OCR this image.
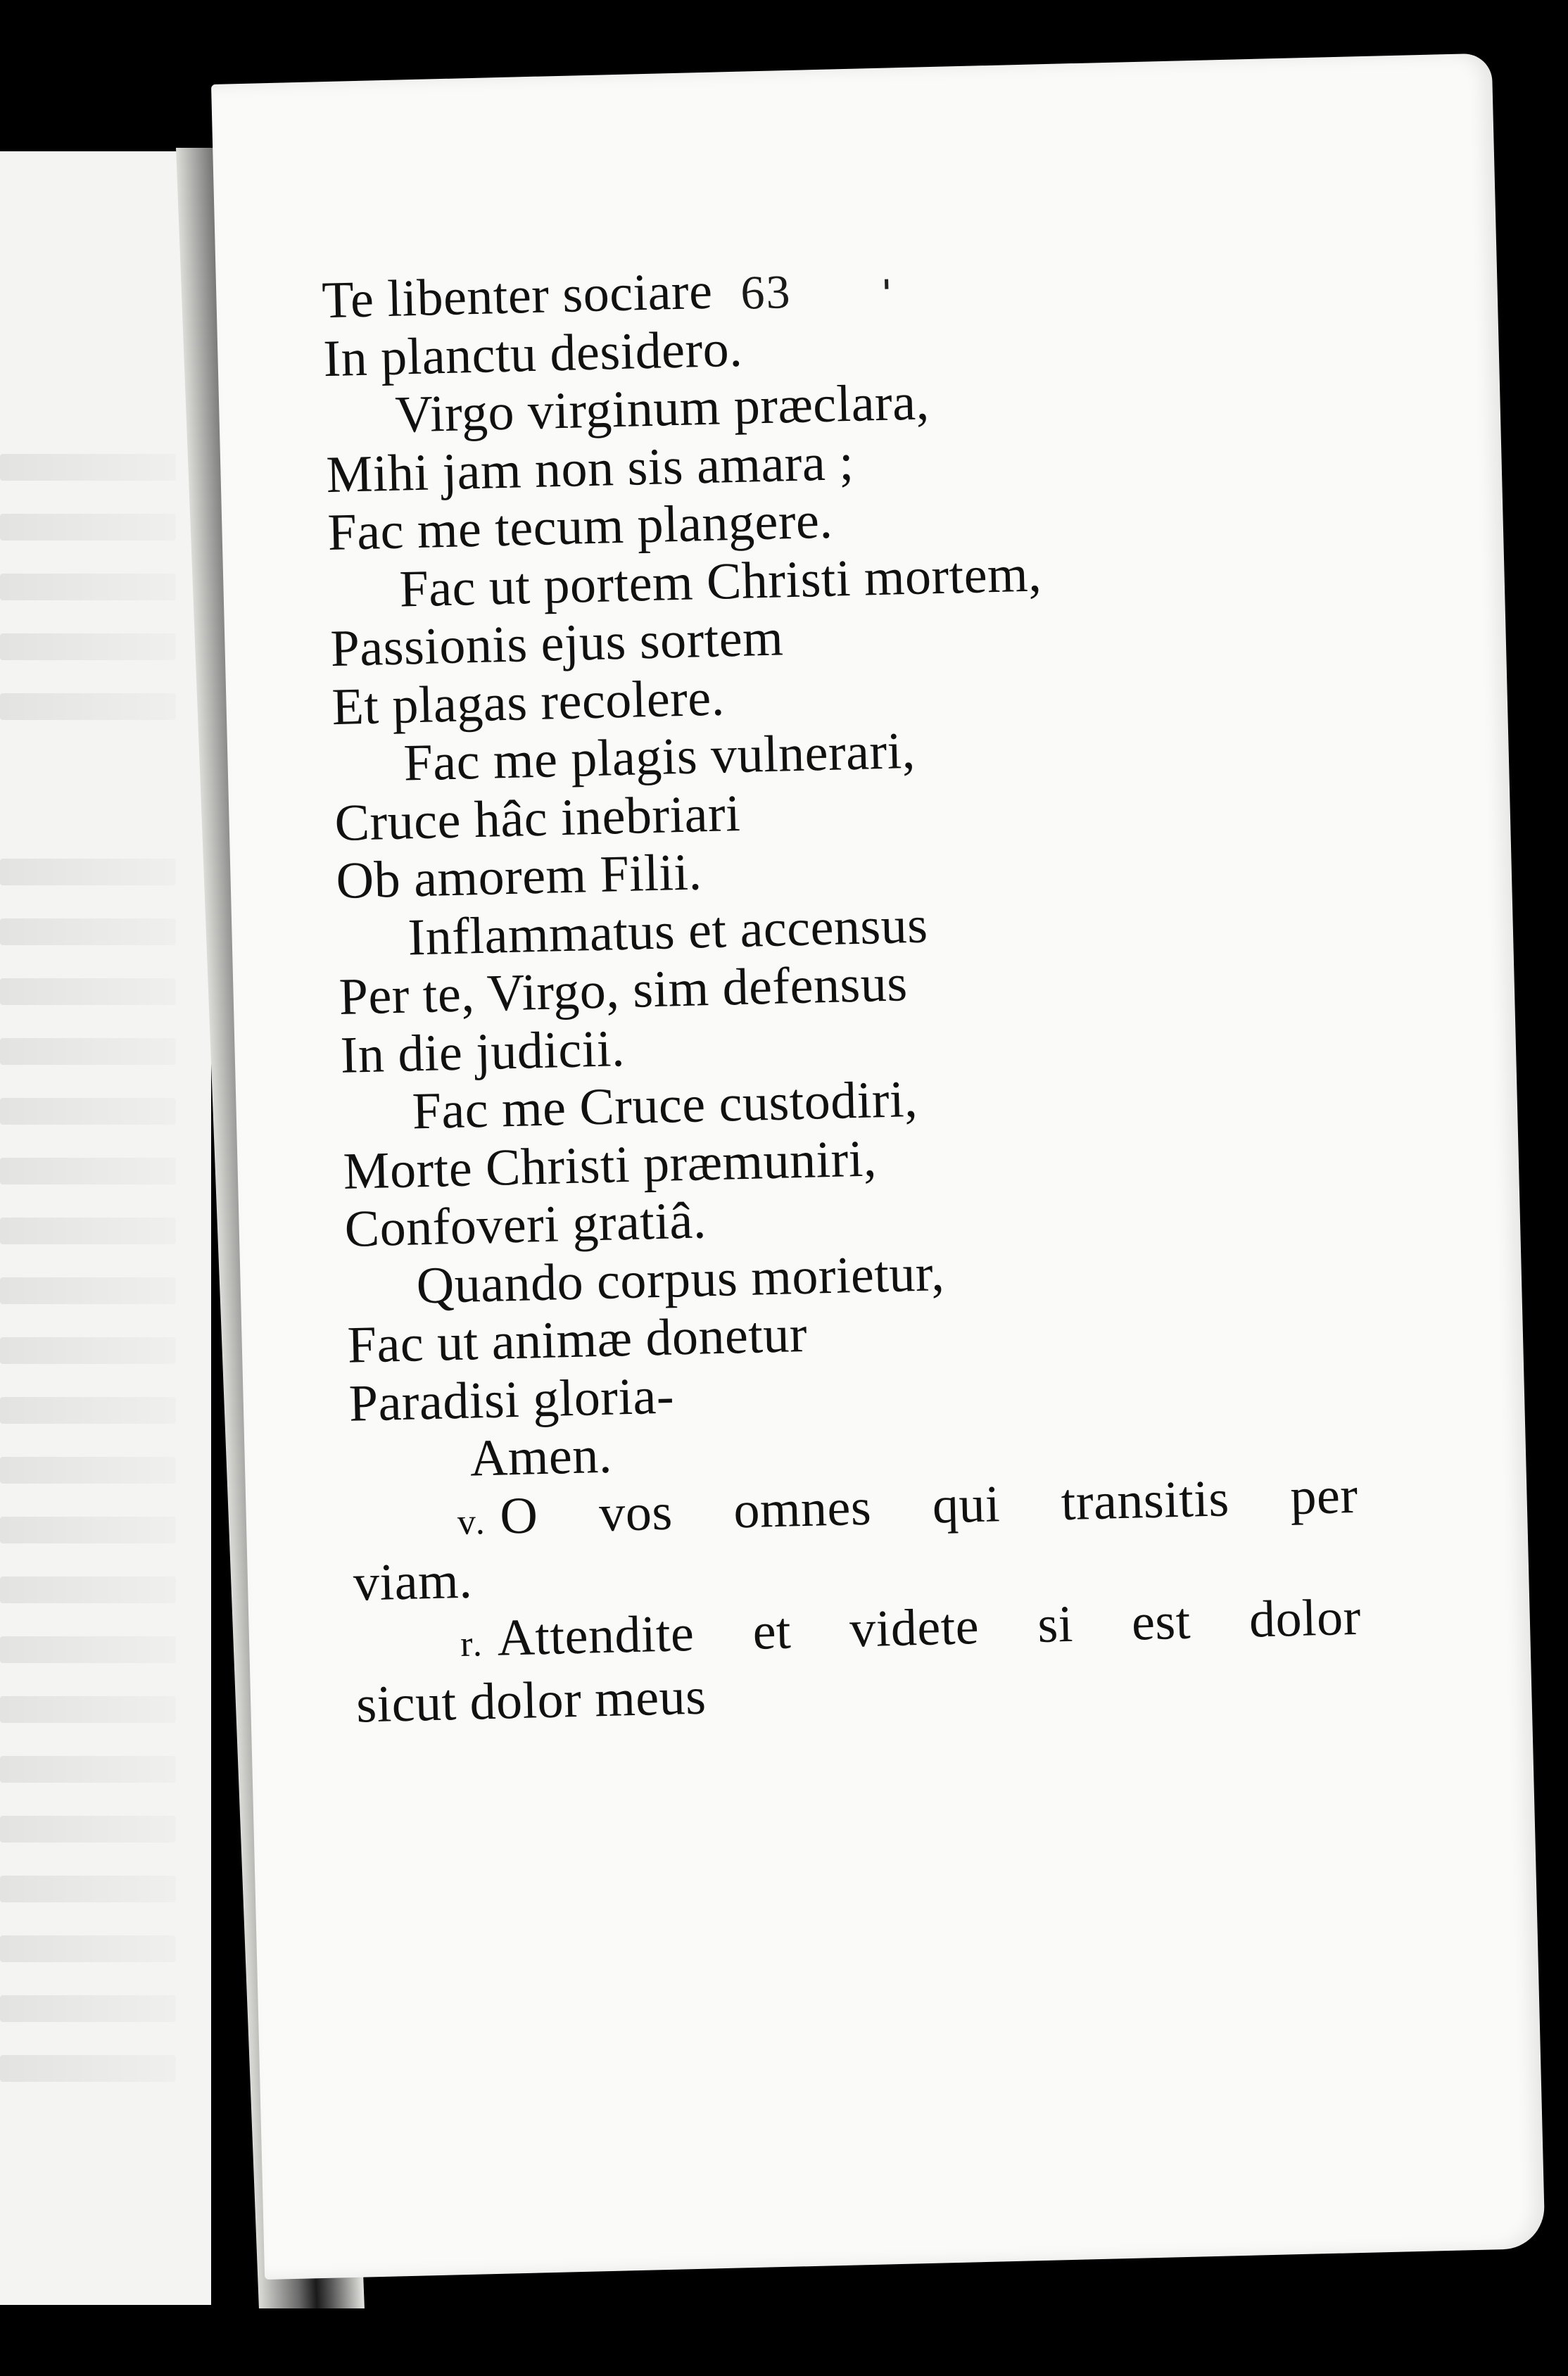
63
Te libenter sociare
In planctu desidero.
Virgo virginum præclara,
Mihi jam non sis amara ;
Fac me tecum plangere.
Fac ut portem Christi mortem,
Passionis ejus sortem
Et plagas recolere.
Fac me plagis vulnerari,
Cruce hâc inebriari
Ob amorem Filii.
Inflammatus et accensus
Per te, Virgo, sim defensus
In die judicii.
Fac me Cruce custodiri,
Morte Christi præmuniri,
Confoveri gratiâ.
Quando corpus morietur,
Fac ut animæ donetur
Paradisi gloria-
Amen.
v. O vos omnes qui transitis per
viam.
r. Attendite et videte si est dolor
sicut dolor meus
